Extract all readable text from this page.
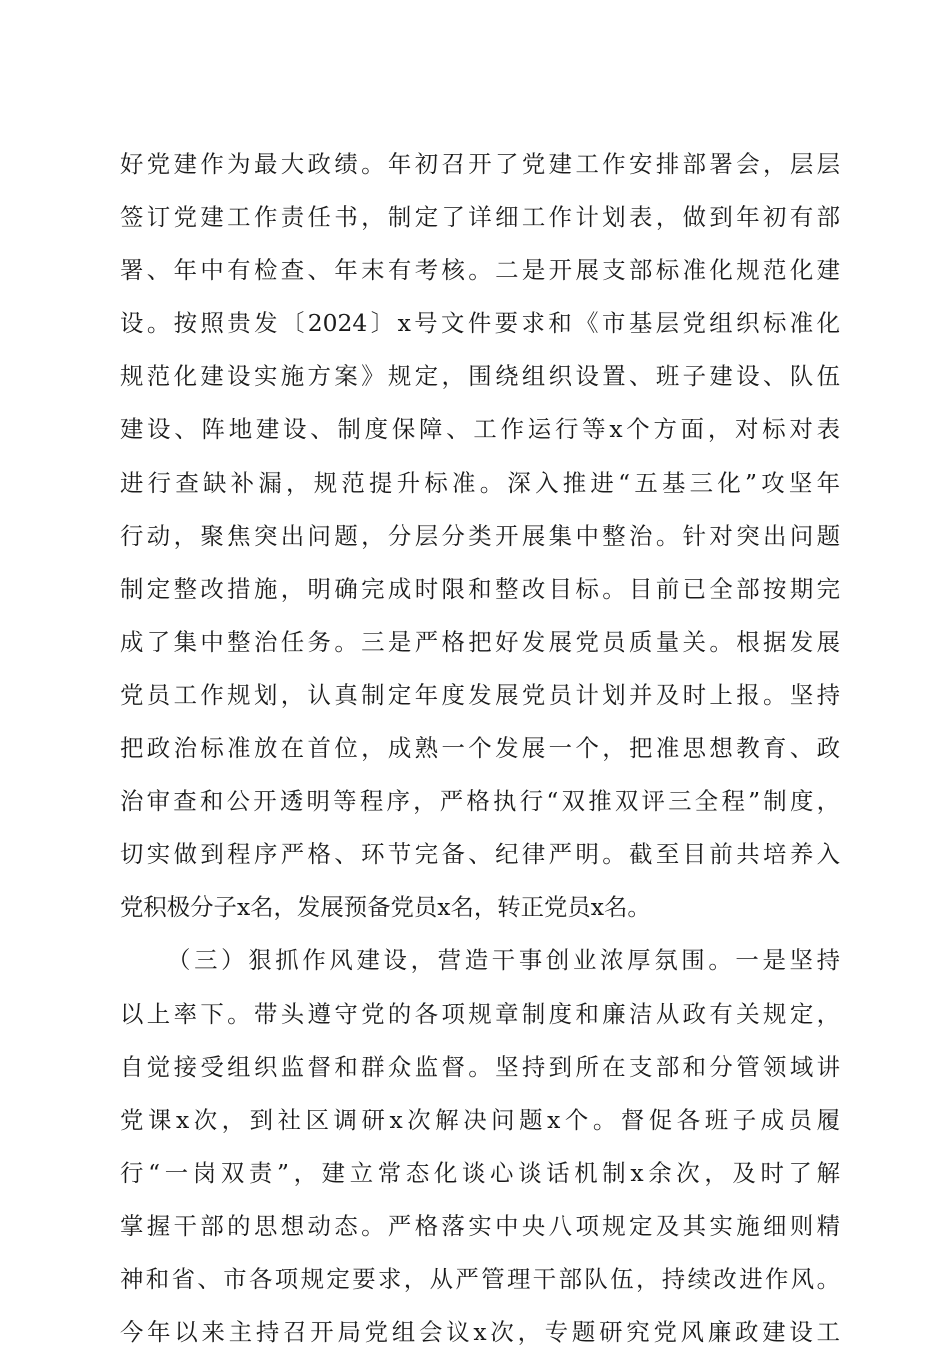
好党建作为最大政绩。年初召开了党建工作安排部署会，层层
签订党建工作责任书，制定了详细工作计划表，做到年初有部
署、年中有检查、年末有考核。二是开展支部标准化规范化建
设。按照贵发〔2024〕x号文件要求和《市基层党组织标准化
规范化建设实施方案》规定，围绕组织设置、班子建设、队伍
建设、阵地建设、制度保障、工作运行等x个方面，对标对表
进行查缺补漏，规范提升标准。深入推进“五基三化”攻坚年
行动，聚焦突出问题，分层分类开展集中整治。针对突出问题
制定整改措施，明确完成时限和整改目标。目前已全部按期完
成了集中整治任务。三是严格把好发展党员质量关。根据发展
党员工作规划，认真制定年度发展党员计划并及时上报。坚持
把政治标准放在首位，成熟一个发展一个，把准思想教育、政
治审查和公开透明等程序，严格执行“双推双评三全程”制度，
切实做到程序严格、环节完备、纪律严明。截至目前共培养入
党积极分子x名，发展预备党员x名，转正党员x名。
（三）狠抓作风建设，营造干事创业浓厚氛围。一是坚持
以上率下。带头遵守党的各项规章制度和廉洁从政有关规定，
自觉接受组织监督和群众监督。坚持到所在支部和分管领域讲
党课x次，到社区调研x次解决问题x个。督促各班子成员履
行“一岗双责”，建立常态化谈心谈话机制x余次，及时了解
掌握干部的思想动态。严格落实中央八项规定及其实施细则精
神和省、市各项规定要求，从严管理干部队伍，持续改进作风。
今年以来主持召开局党组会议x次，专题研究党风廉政建设工
